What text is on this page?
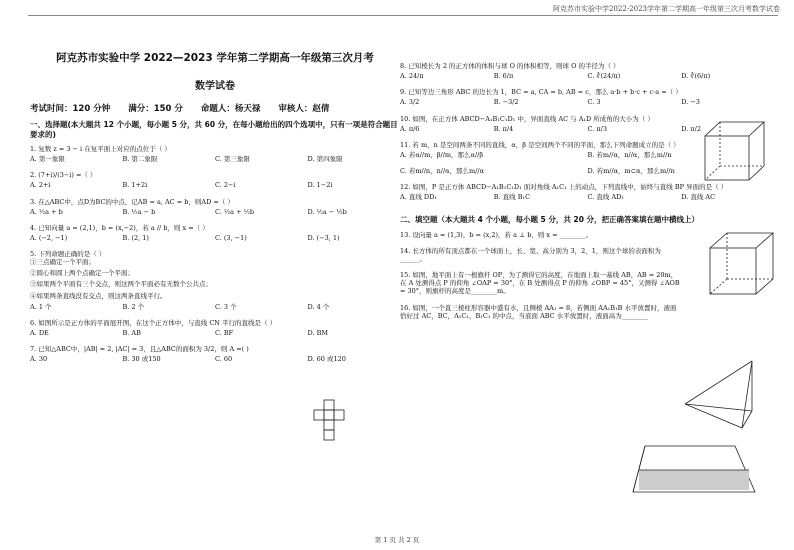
阿克苏市实验中学2022-2023学年第二学期高一年级第三次月考数学试卷
阿克苏市实验中学 2022—2023 学年第二学期高一年级第三次月考
数学试卷
考试时间：120 分钟 满分：150 分 命题人：杨天禄 审核人：赵倩
一、选择题(本大题共 12 个小题，每小题 5 分，共 60 分，在每小题给出的四个选项中，只有一项是符合题目要求的)
1. 复数 z = 3 − i 在复平面上对应的点位于（ ）
A. 第一象限	B. 第二象限	C. 第三象限	D. 第四象限
2. (7+i)/(3−i) =（ ）
A. 2+i	B. 1+2i	C. 2−i	D. 1−2i
3. 在△ABC中，点D为BC的中点，记AB = a, AC = b，则AD =（ ）
A. ½a + b	B. ½a − b	C. ½a + ½b	D. ½a − ½b
4. 已知向量 a = (2,1)，b = (x,−2)，若 a // b，则 x =（ ）
A. (−2, −1)	B. (2, 1)	C. (3, −1)	D. (−3, 1)
5. 下列命题正确的是（ ）
①三点确定一个平面；
②圆心和圆上两个点确定一个平面；
③如果两个平面有三个交点，则这两个平面必有无数个公共点；
④如果两条直线没有交点，则这两条直线平行。
A. 1 个	B. 2 个	C. 3 个	D. 4 个
6. 如图所示是正方体的平面展开图，在这个正方体中，与直线 CN 平行的直线是（ ）
A. DE	B. AB	C. BF	D. BM
7. 已知△ABC中，|AB| = 2, |AC| = 3，且△ABC的面积为 3/2，则 A =( )
A. 30	B. 30 或150	C. 60	D. 60 或120
8. 已知棱长为 2 的正方体的体积与球 O 的体积相等，则球 O 的半径为（ ）
A. 24/π	B. 6/π	C. ∛(24/π)	D. ∛(6/π)
9. 已知等边三角形 ABC 的边长为 1，BC = a, CA = b, AB = c，那么 a·b + b·c + c·a =（ ）
A. 3/2	B. −3/2	C. 3	D. −3
10. 如图，在正方体 ABCD−A₁B₁C₁D₁ 中，异面直线 AC 与 A₁D 所成角的大小为（ ）
A. π/6	B. π/4	C. π/3	D. π/2
11. 若 m，n 是空间两条不同的直线，α，β 是空间两个不同的平面，那么下列命题成立的是（ ）
A. 若α//m，β//m，那么α//β	B. 若m//α，n//α，那么m//n
C. 若m//n，n//α，那么m//α	D. 若m//α，m⊂α，那么m//n
12. 如图，P 是正方体 ABCD−A₁B₁C₁D₁ 面对角线 A₁C₁ 上的动点，下列直线中，始终与直线 BP 异面的是（ ）
A. 直线 DD₁	B. 直线 B₁C	C. 直线 AD₁	D. 直线 AC
二、填空题（本大题共 4 个小题，每小题 5 分，共 20 分，把正确答案填在题中横线上）
13. 设向量 a = (1,3)，b = (x,2)，若 a ⊥ b，则 x = ________。
14. 长方体的所有顶点都在一个球面上，长、宽、高分别为 3，2，1，则这个球的表面积为______。
15. 如图，地平面上有一根旗杆 OP，为了测得它的高度，在地面上取一基线 AB，AB = 20m，在 A 处测得点 P 的仰角 ∠OAP = 30°，在 B 处测得点 P 的仰角 ∠OBP = 45°，又测得 ∠AOB = 30°，则旗杆的高度是________m。
16. 如图，一个直三棱柱形容器中盛有水，且侧棱 AA₁ = 8，若侧面 AA₁B₁B 水平放置时，液面恰好过 AC，BC，A₁C₁，B₁C₁ 的中点，当底面 ABC 水平放置时，液面高为________
第 1 页 共 2 页
